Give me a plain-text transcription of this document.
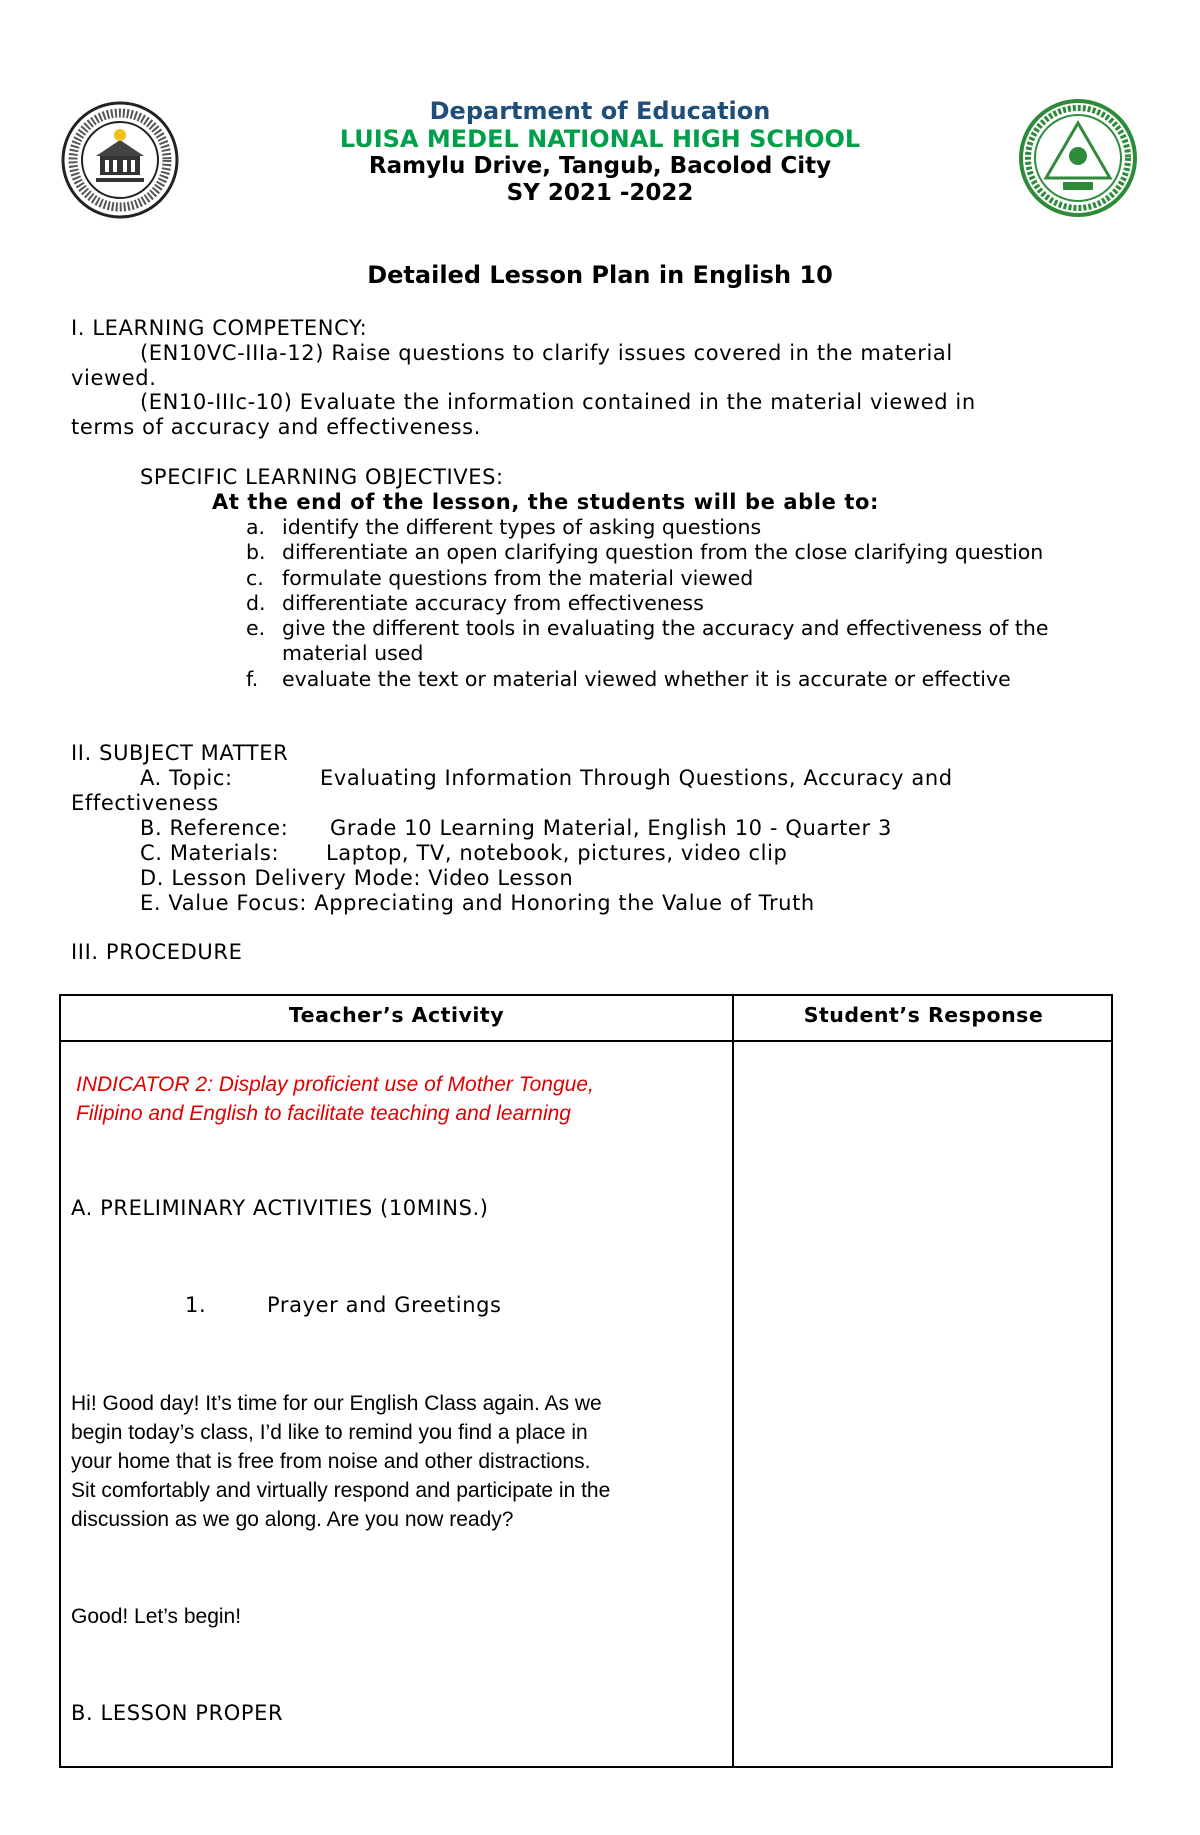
Department of Education
LUISA MEDEL NATIONAL HIGH SCHOOL
Ramylu Drive, Tangub, Bacolod City
SY 2021 -2022
Detailed Lesson Plan in English 10
I. LEARNING COMPETENCY:
(EN10VC-IIIa-12) Raise questions to clarify issues covered in the material
viewed.
(EN10-IIIc-10) Evaluate the information contained in the material viewed in
terms of accuracy and effectiveness.
SPECIFIC LEARNING OBJECTIVES:
At the end of the lesson, the students will be able to:
a. identify the different types of asking questions
b. differentiate an open clarifying question from the close clarifying question
c. formulate questions from the material viewed
d. differentiate accuracy from effectiveness
e. give the different tools in evaluating the accuracy and effectiveness of the
material used
f. evaluate the text or material viewed whether it is accurate or effective
II. SUBJECT MATTER
A. Topic:	Evaluating Information Through Questions, Accuracy and
Effectiveness
B. Reference: Grade 10 Learning Material, English 10 - Quarter 3
C. Materials: Laptop, TV, notebook, pictures, video clip
D. Lesson Delivery Mode: Video Lesson
E. Value Focus: Appreciating and Honoring the Value of Truth
III. PROCEDURE
Teacher’s Activity	Student’s Response
INDICATOR 2: Display proficient use of Mother Tongue,
Filipino and English to facilitate teaching and learning
A. PRELIMINARY ACTIVITIES (10MINS.)
1.	Prayer and Greetings
Hi! Good day! It’s time for our English Class again. As we
begin today’s class, I’d like to remind you find a place in
your home that is free from noise and other distractions.
Sit comfortably and virtually respond and participate in the
discussion as we go along. Are you now ready?
Good! Let’s begin!
B. LESSON PROPER
